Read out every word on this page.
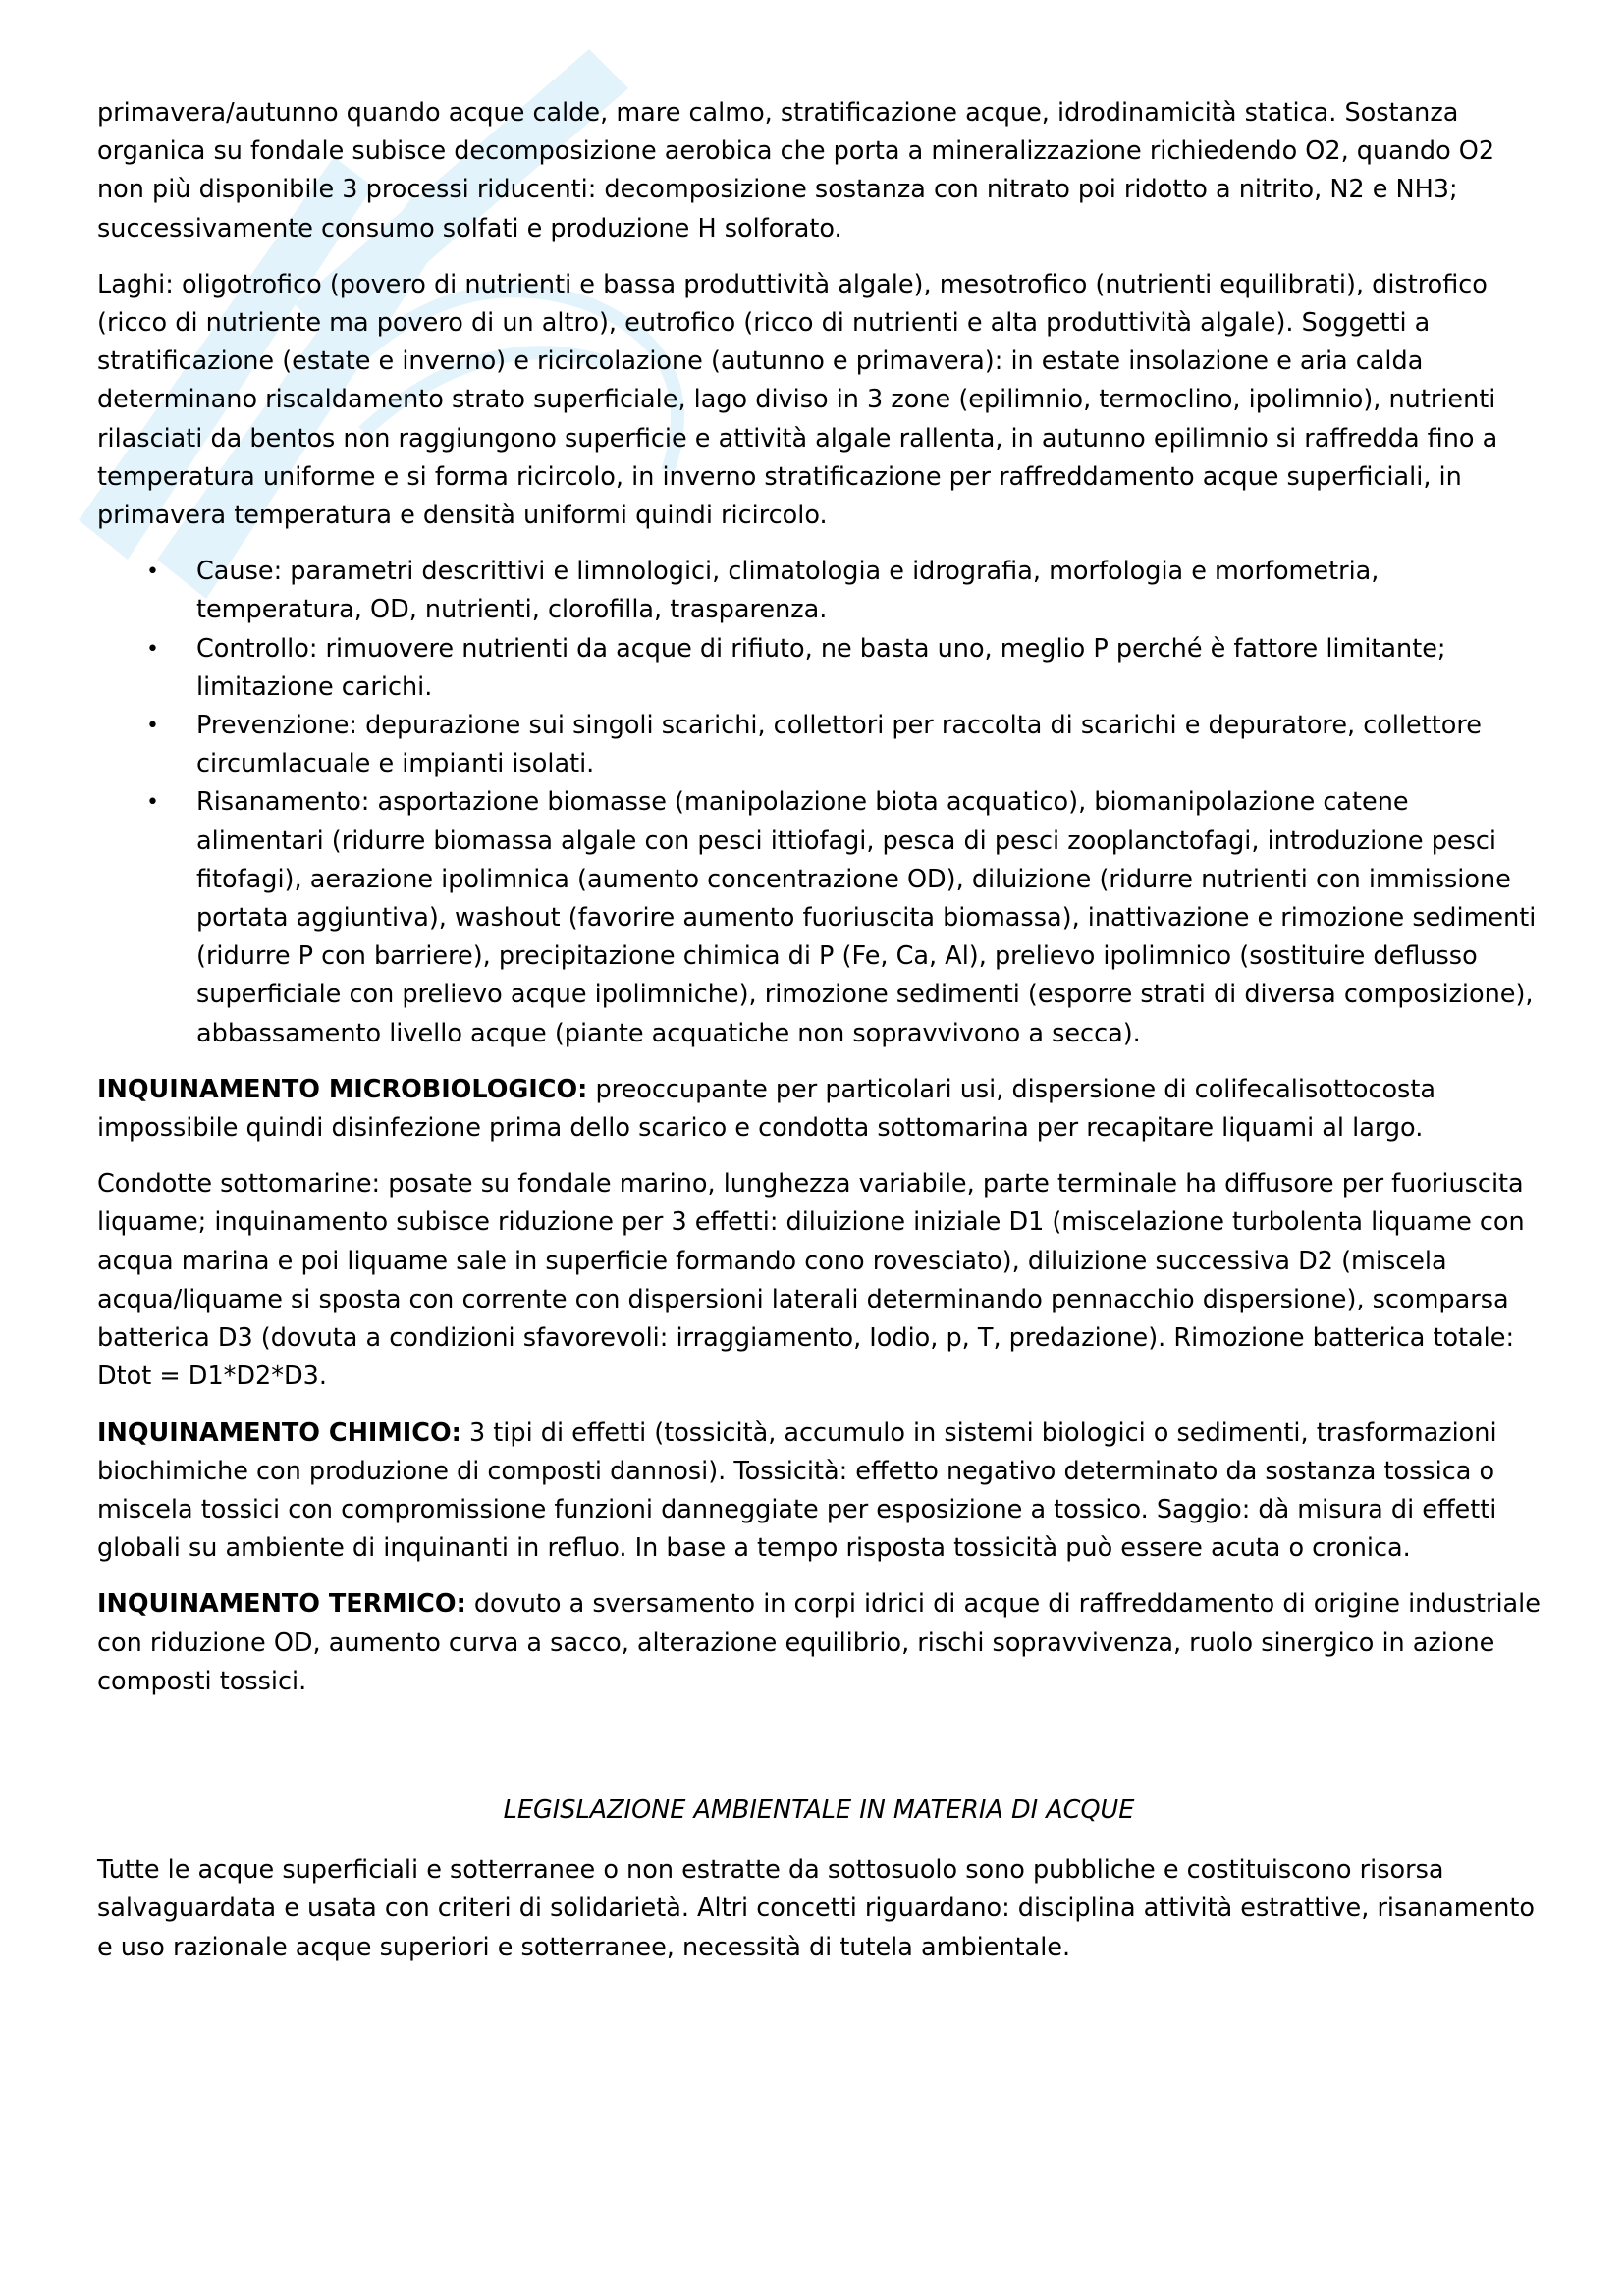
primavera/autunno quando acque calde, mare calmo, stratificazione acque, idrodinamicità statica. Sostanza organica su fondale subisce decomposizione aerobica che porta a mineralizzazione richiedendo O2, quando O2 non più disponibile 3 processi riducenti: decomposizione sostanza con nitrato poi ridotto a nitrito, N2 e NH3; successivamente consumo solfati e produzione H solforato.

Laghi: oligotrofico (povero di nutrienti e bassa produttività algale), mesotrofico (nutrienti equilibrati), distrofico (ricco di nutriente ma povero di un altro), eutrofico (ricco di nutrienti e alta produttività algale). Soggetti a stratificazione (estate e inverno) e ricircolazione (autunno e primavera): in estate insolazione e aria calda determinano riscaldamento strato superficiale, lago diviso in 3 zone (epilimnio, termoclino, ipolimnio), nutrienti rilasciati da bentos non raggiungono superficie e attività algale rallenta, in autunno epilimnio si raffredda fino a temperatura uniforme e si forma ricircolo, in inverno stratificazione per raffreddamento acque superficiali, in primavera temperatura e densità uniformi quindi ricircolo.

• Cause: parametri descrittivi e limnologici, climatologia e idrografia, morfologia e morfometria, temperatura, OD, nutrienti, clorofilla, trasparenza.
• Controllo: rimuovere nutrienti da acque di rifiuto, ne basta uno, meglio P perché è fattore limitante; limitazione carichi.
• Prevenzione: depurazione sui singoli scarichi, collettori per raccolta di scarichi e depuratore, collettore circumlacuale e impianti isolati.
• Risanamento: asportazione biomasse (manipolazione biota acquatico), biomanipolazione catene alimentari (ridurre biomassa algale con pesci ittiofagi, pesca di pesci zooplanctofagi, introduzione pesci fitofagi), aerazione ipolimnica (aumento concentrazione OD), diluizione (ridurre nutrienti con immissione portata aggiuntiva), washout (favorire aumento fuoriuscita biomassa), inattivazione e rimozione sedimenti (ridurre P con barriere), precipitazione chimica di P (Fe, Ca, Al), prelievo ipolimnico (sostituire deflusso superficiale con prelievo acque ipolimniche), rimozione sedimenti (esporre strati di diversa composizione), abbassamento livello acque (piante acquatiche non sopravvivono a secca).

INQUINAMENTO MICROBIOLOGICO: preoccupante per particolari usi, dispersione di colifecalisottocosta impossibile quindi disinfezione prima dello scarico e condotta sottomarina per recapitare liquami al largo.

Condotte sottomarine: posate su fondale marino, lunghezza variabile, parte terminale ha diffusore per fuoriuscita liquame; inquinamento subisce riduzione per 3 effetti: diluizione iniziale D1 (miscelazione turbolenta liquame con acqua marina e poi liquame sale in superficie formando cono rovesciato), diluizione successiva D2 (miscela acqua/liquame si sposta con corrente con dispersioni laterali determinando pennacchio dispersione), scomparsa batterica D3 (dovuta a condizioni sfavorevoli: irraggiamento, Iodio, p, T, predazione). Rimozione batterica totale: Dtot = D1*D2*D3.

INQUINAMENTO CHIMICO: 3 tipi di effetti (tossicità, accumulo in sistemi biologici o sedimenti, trasformazioni biochimiche con produzione di composti dannosi). Tossicità: effetto negativo determinato da sostanza tossica o miscela tossici con compromissione funzioni danneggiate per esposizione a tossico. Saggio: dà misura di effetti globali su ambiente di inquinanti in refluo. In base a tempo risposta tossicità può essere acuta o cronica.

INQUINAMENTO TERMICO: dovuto a sversamento in corpi idrici di acque di raffreddamento di origine industriale con riduzione OD, aumento curva a sacco, alterazione equilibrio, rischi sopravvivenza, ruolo sinergico in azione composti tossici.

LEGISLAZIONE AMBIENTALE IN MATERIA DI ACQUE

Tutte le acque superficiali e sotterranee o non estratte da sottosuolo sono pubbliche e costituiscono risorsa salvaguardata e usata con criteri di solidarietà. Altri concetti riguardano: disciplina attività estrattive, risanamento e uso razionale acque superiori e sotterranee, necessità di tutela ambientale.
